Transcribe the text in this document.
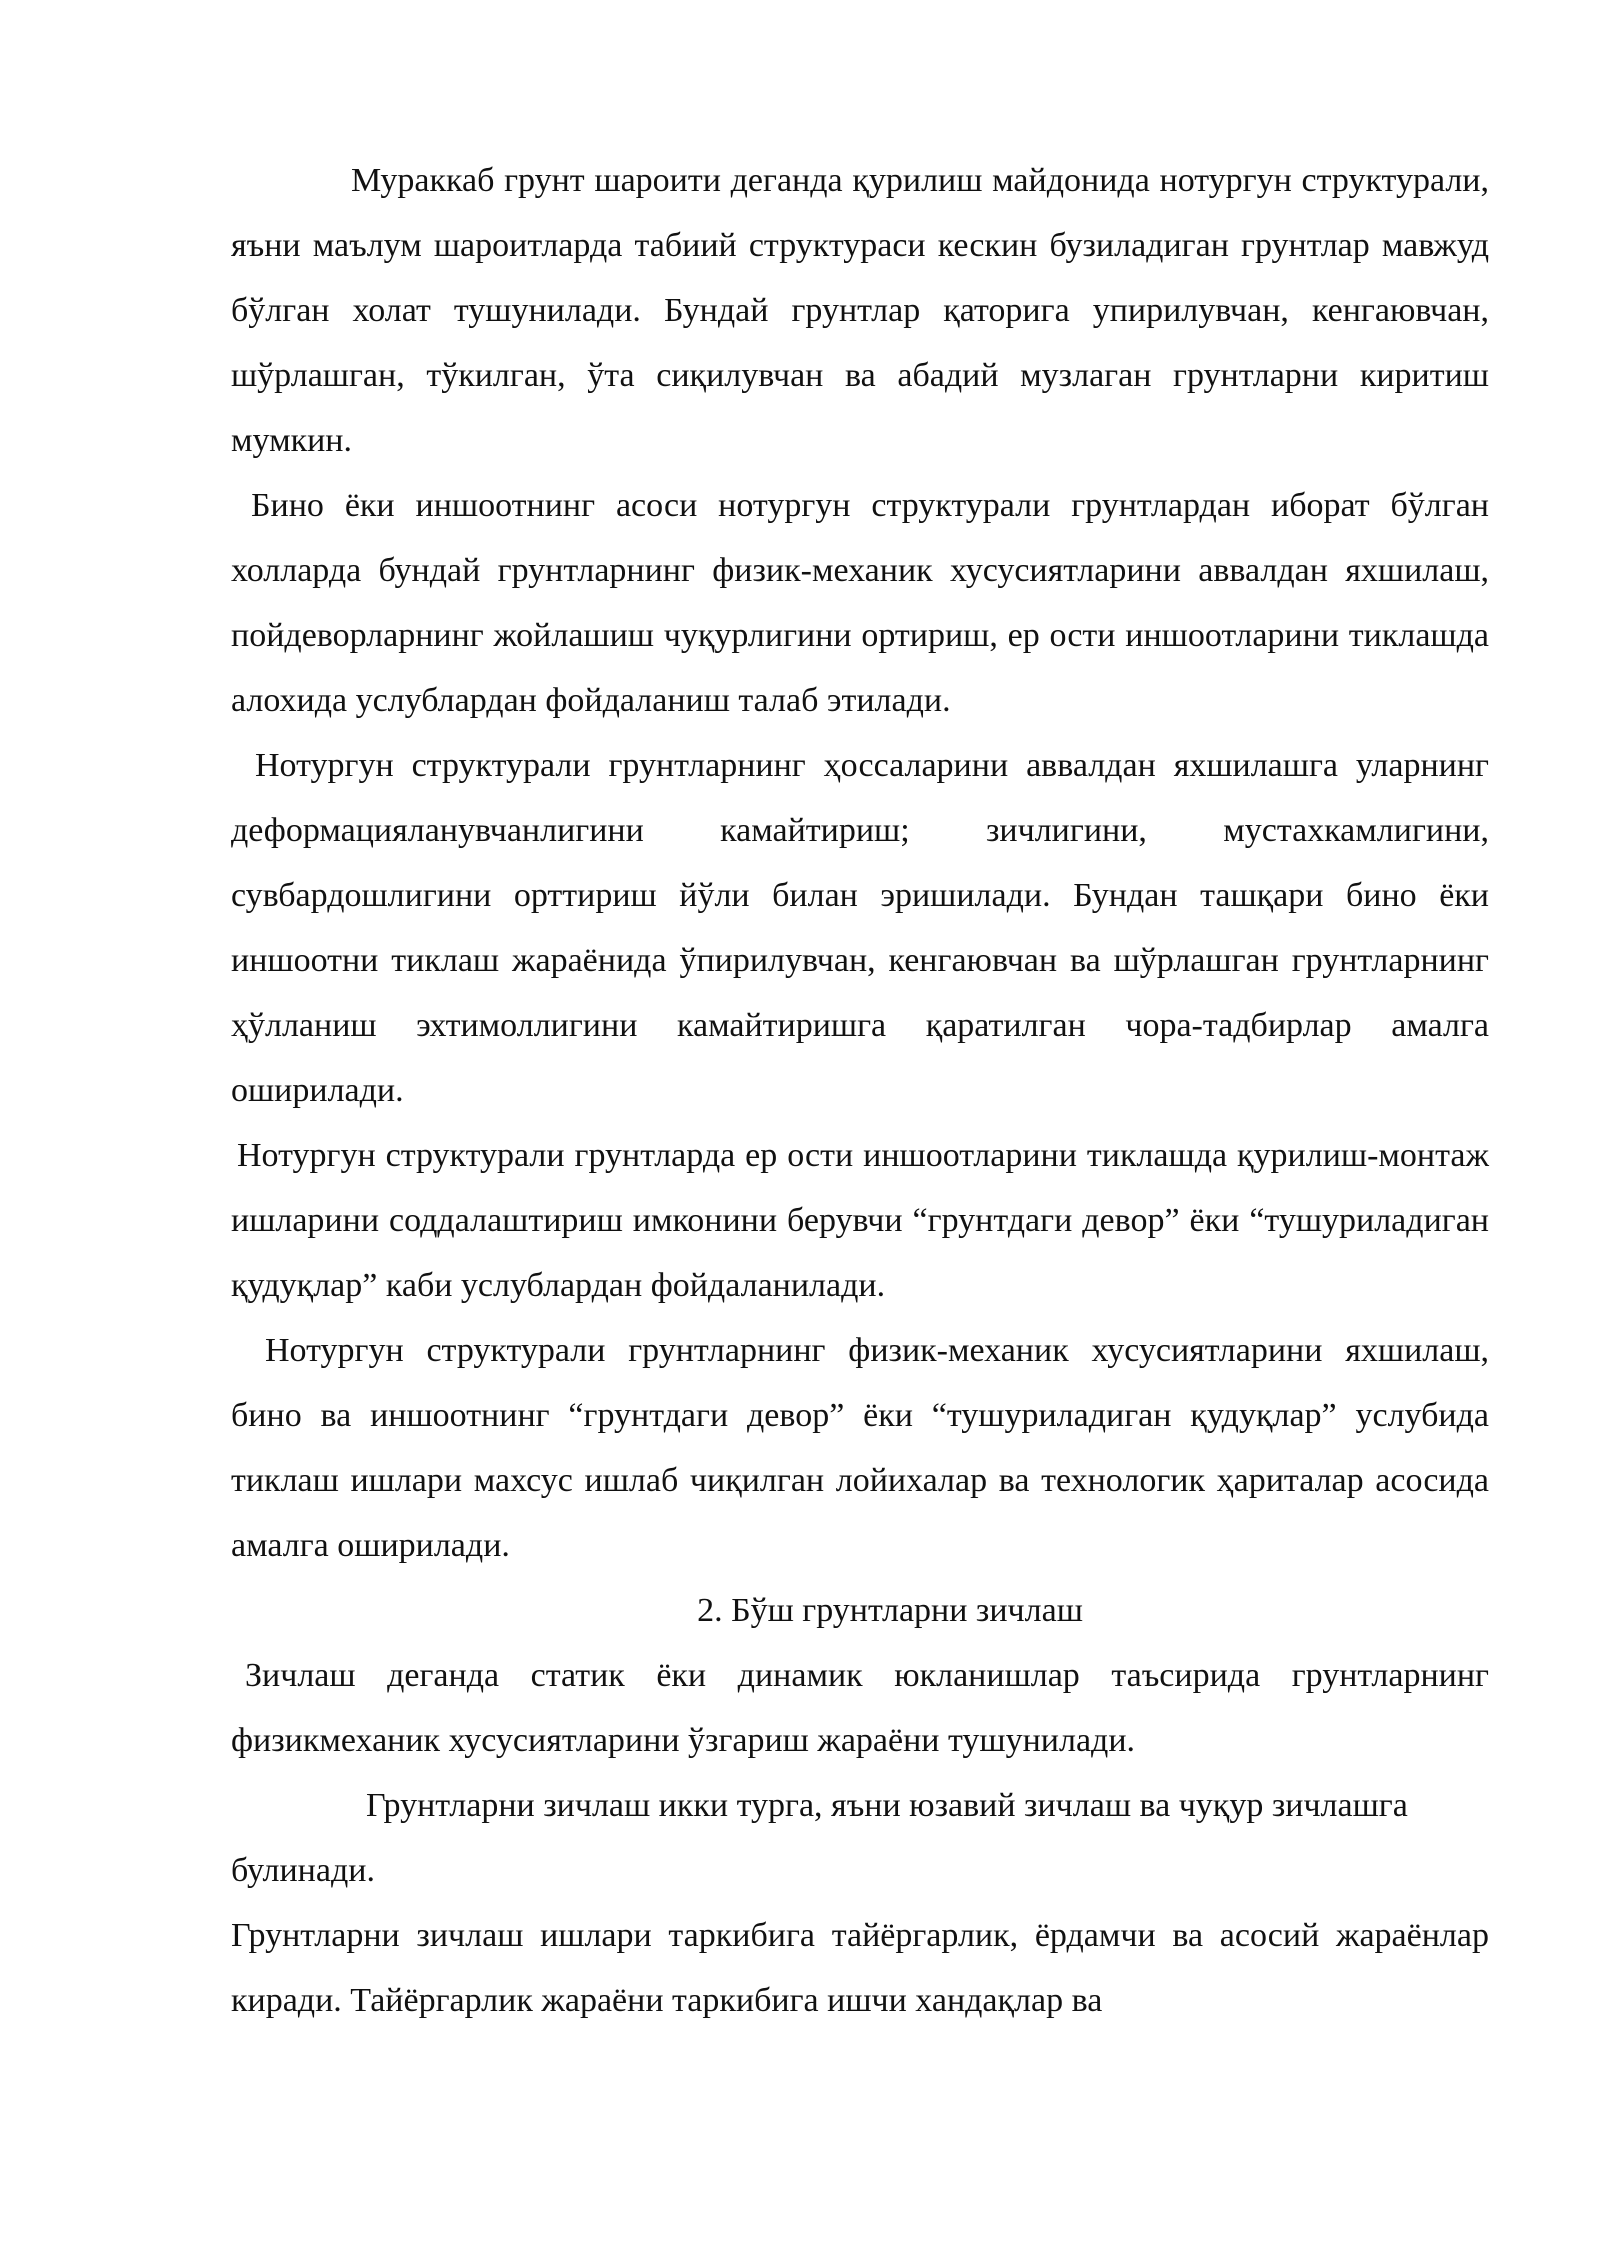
Мураккаб грунт шароити деганда қурилиш майдонида нотургун структурали, яъни маълум шароитларда табиий структураси кескин бузиладиган грунтлар мавжуд бўлган холат тушунилади. Бундай грунтлар қаторига упирилувчан, кенгаювчан, шўрлашган, тўкилган, ўта сиқилувчан ва абадий музлаган грунтларни киритиш мумкин.

Бино ёки иншоотнинг асоси нотургун структурали грунтлардан иборат бўлган холларда бундай грунтларнинг физик-механик хусусиятларини аввалдан яхшилаш, пойдеворларнинг жойлашиш чуқурлигини ортириш, ер ости иншоотларини тиклашда алохида услублардан фойдаланиш талаб этилади.

Нотургун структурали грунтларнинг ҳоссаларини аввалдан яхшилашга уларнинг деформацияланувчанлигини камайтириш; зичлигини, мустахкамлигини, сувбардошлигини орттириш йўли билан эришилади. Бундан ташқари бино ёки иншоотни тиклаш жараёнида ўпирилувчан, кенгаювчан ва шўрлашган грунтларнинг ҳўлланиш эхтимоллигини камайтиришга қаратилган чора-тадбирлар амалга оширилади.

Нотургун структурали грунтларда ер ости иншоотларини тиклашда қурилиш-монтаж ишларини соддалаштириш имконини берувчи “грунтдаги девор” ёки “тушуриладиган қудуқлар” каби услублардан фойдаланилади.

Нотургун структурали грунтларнинг физик-механик хусусиятларини яхшилаш, бино ва иншоотнинг “грунтдаги девор” ёки “тушуриладиган қудуқлар” услубида тиклаш ишлари махсус ишлаб чиқилган лойихалар ва технологик ҳариталар асосида амалга оширилади.

2. Бўш грунтларни зичлаш

Зичлаш деганда статик ёки динамик юкланишлар таъсирида грунтларнинг физикмеханик хусусиятларини ўзгариш жараёни тушунилади.

Грунтларни зичлаш икки турга, яъни юзавий зичлаш ва чуқур зичлашга булинади.

Грунтларни зичлаш ишлари таркибига тайёргарлик, ёрдамчи ва асосий жараёнлар киради. Тайёргарлик жараёни таркибига ишчи хандақлар ва
